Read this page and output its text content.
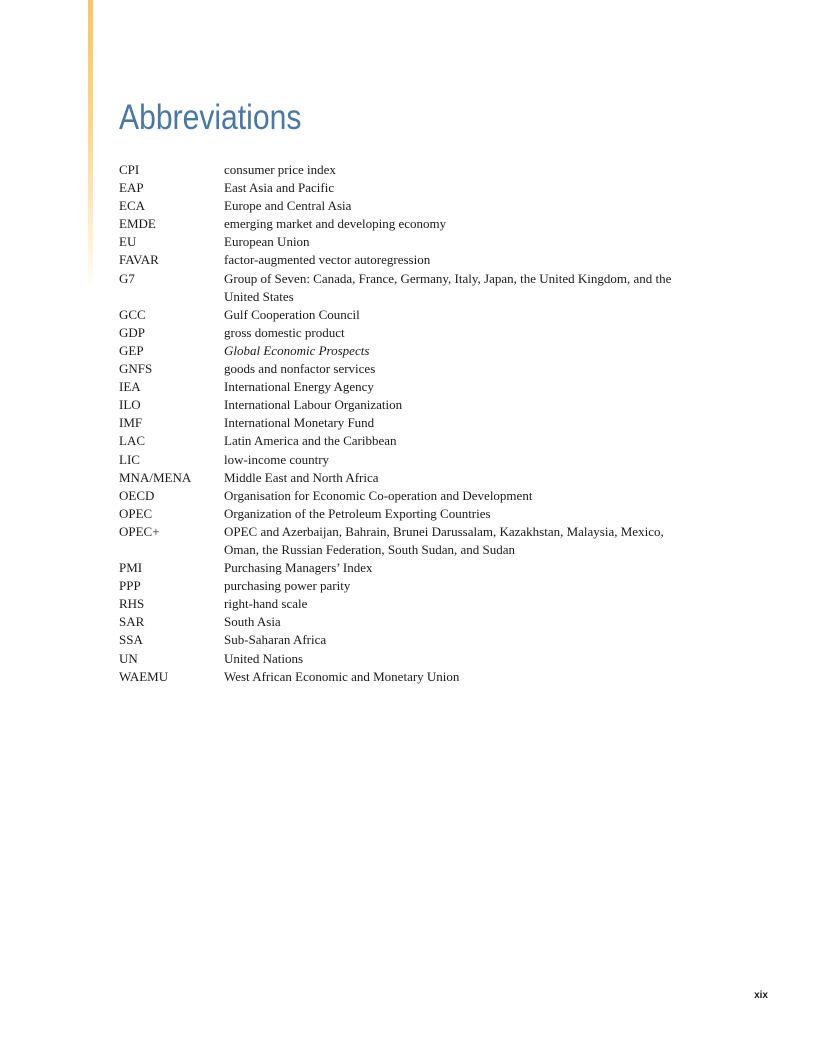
Abbreviations
CPI	consumer price index
EAP	East Asia and Pacific
ECA	Europe and Central Asia
EMDE	emerging market and developing economy
EU	European Union
FAVAR	factor-augmented vector autoregression
G7	Group of Seven: Canada, France, Germany, Italy, Japan, the United Kingdom, and the United States
GCC	Gulf Cooperation Council
GDP	gross domestic product
GEP	Global Economic Prospects
GNFS	goods and nonfactor services
IEA	International Energy Agency
ILO	International Labour Organization
IMF	International Monetary Fund
LAC	Latin America and the Caribbean
LIC	low-income country
MNA/MENA	Middle East and North Africa
OECD	Organisation for Economic Co-operation and Development
OPEC	Organization of the Petroleum Exporting Countries
OPEC+	OPEC and Azerbaijan, Bahrain, Brunei Darussalam, Kazakhstan, Malaysia, Mexico, Oman, the Russian Federation, South Sudan, and Sudan
PMI	Purchasing Managers’ Index
PPP	purchasing power parity
RHS	right-hand scale
SAR	South Asia
SSA	Sub-Saharan Africa
UN	United Nations
WAEMU	West African Economic and Monetary Union
xix
